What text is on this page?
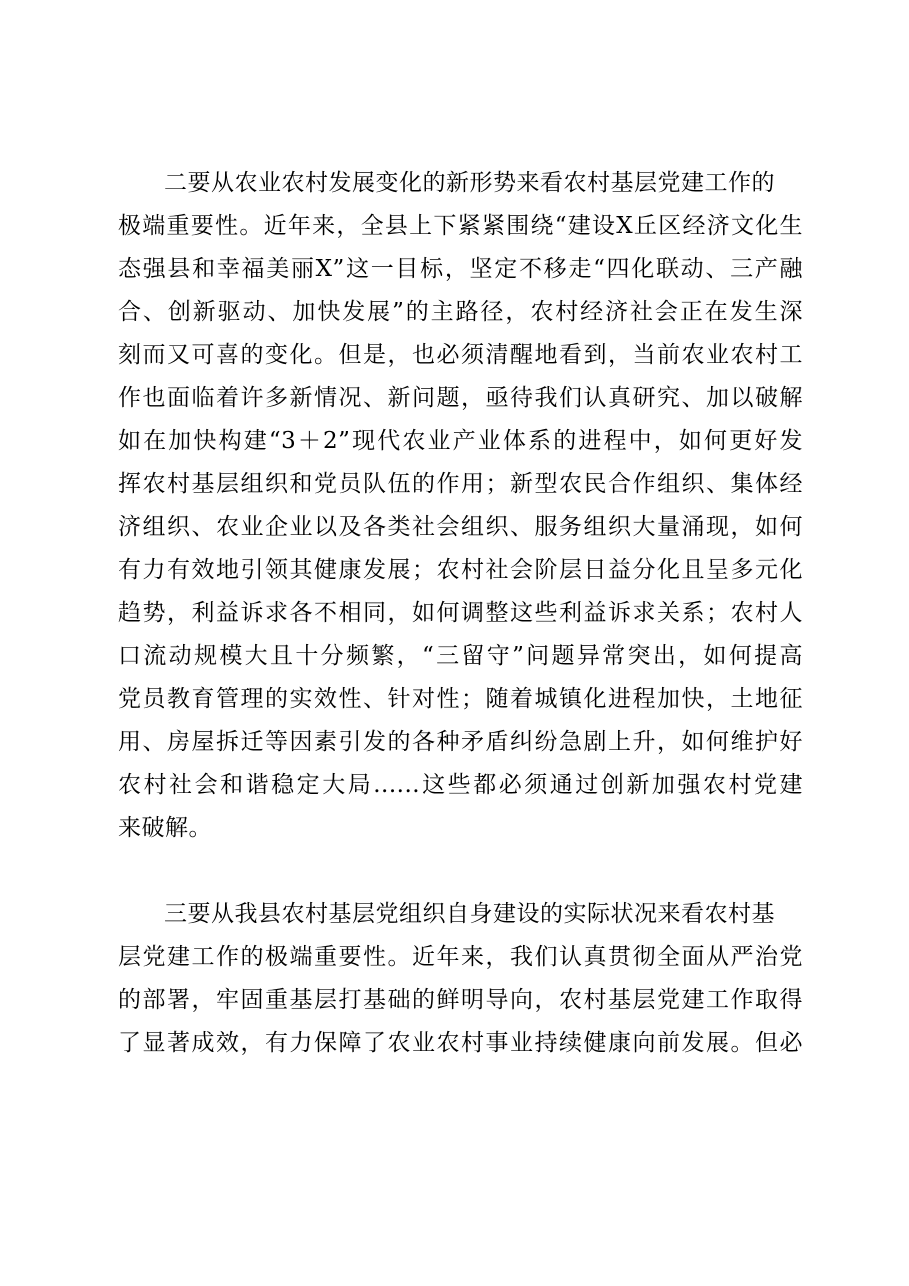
二要从农业农村发展变化的新形势来看农村基层党建工作的
极端重要性。近年来，全县上下紧紧围绕“建设X丘区经济文化生
态强县和幸福美丽X”这一目标，坚定不移走“四化联动、三产融
合、创新驱动、加快发展”的主路径，农村经济社会正在发生深
刻而又可喜的变化。但是，也必须清醒地看到，当前农业农村工
作也面临着许多新情况、新问题，亟待我们认真研究、加以破解
如在加快构建“3＋2”现代农业产业体系的进程中，如何更好发
挥农村基层组织和党员队伍的作用；新型农民合作组织、集体经
济组织、农业企业以及各类社会组织、服务组织大量涌现，如何
有力有效地引领其健康发展；农村社会阶层日益分化且呈多元化
趋势，利益诉求各不相同，如何调整这些利益诉求关系；农村人
口流动规模大且十分频繁，“三留守”问题异常突出，如何提高
党员教育管理的实效性、针对性；随着城镇化进程加快，土地征
用、房屋拆迁等因素引发的各种矛盾纠纷急剧上升，如何维护好
农村社会和谐稳定大局......这些都必须通过创新加强农村党建
来破解。
三要从我县农村基层党组织自身建设的实际状况来看农村基
层党建工作的极端重要性。近年来，我们认真贯彻全面从严治党
的部署，牢固重基层打基础的鲜明导向，农村基层党建工作取得
了显著成效，有力保障了农业农村事业持续健康向前发展。但必
